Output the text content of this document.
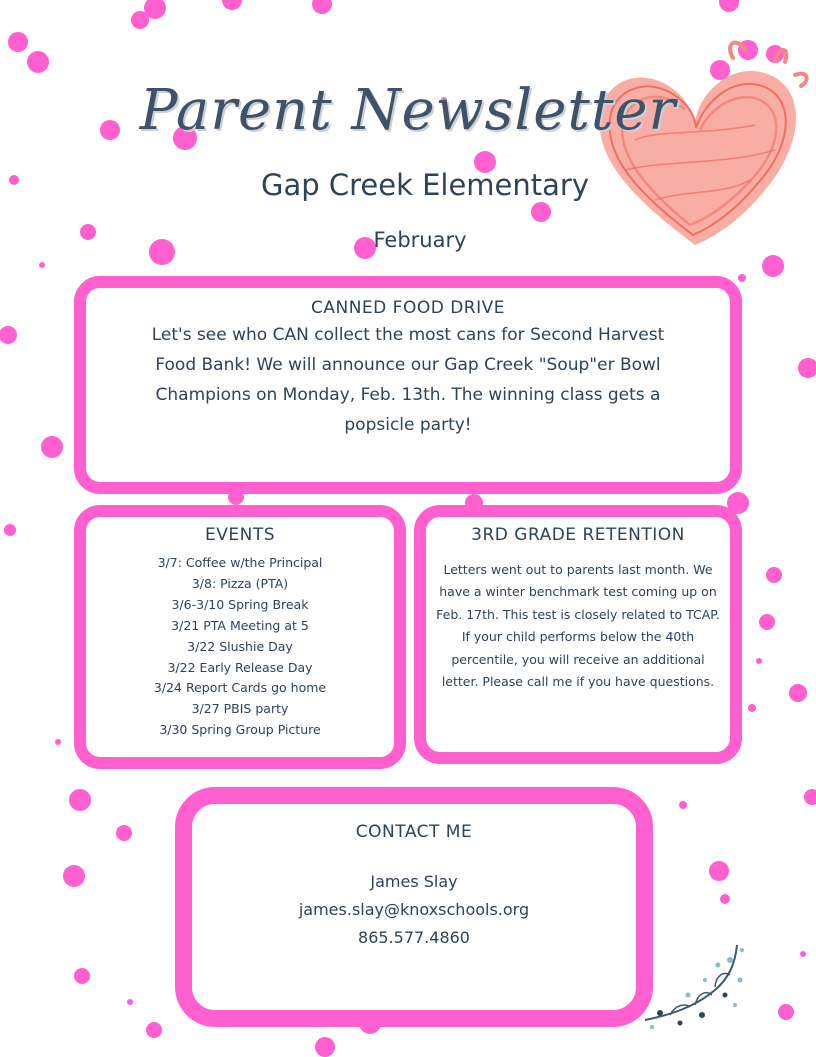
Parent Newsletter
Gap Creek Elementary
February
CANNED FOOD DRIVE
Let's see who CAN collect the most cans for Second Harvest Food Bank! We will announce our Gap Creek "Soup"er Bowl Champions on Monday, Feb. 13th. The winning class gets a popsicle party!
EVENTS
3/7: Coffee w/the Principal
3/8: Pizza (PTA)
3/6-3/10 Spring Break
3/21 PTA Meeting at 5
3/22 Slushie Day
3/22 Early Release Day
3/24 Report Cards go home
3/27 PBIS party
3/30 Spring Group Picture
3RD GRADE RETENTION
Letters went out to parents last month. We have a winter benchmark test coming up on Feb. 17th. This test is closely related to TCAP. If your child performs below the 40th percentile, you will receive an additional letter. Please call me if you have questions.
CONTACT ME
James Slay
james.slay@knoxschools.org
865.577.4860
